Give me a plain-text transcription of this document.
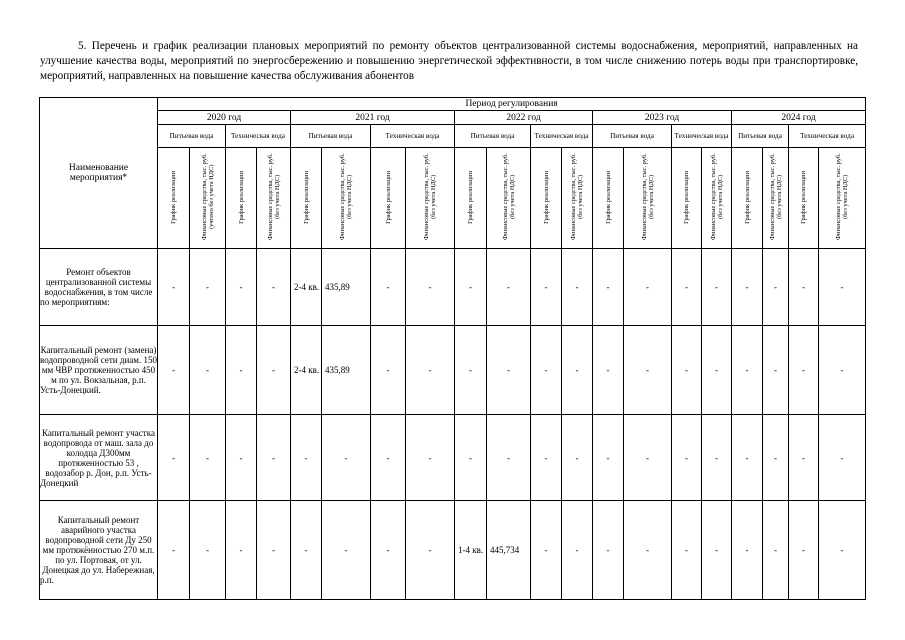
5. Перечень и график реализации плановых мероприятий по ремонту объектов централизованной системы водоснабжения, мероприятий, направленных на улучшение качества воды, мероприятий по энергосбережению и повышению энергетической эффективности, в том числе снижению потерь воды при транспортировке, мероприятий, направленных на повышение качества обслуживания абонентов

Наименование мероприятия*	Период регулирования																			
	2020 год				2021 год				2022 год				2023 год				2024 год			
	Питьевая вода		Техническая вода		Питьевая вода		Техническая вода		Питьевая вода		Техническая вода		Питьевая вода		Техническая вода		Питьевая вода		Техническая вода	
	График реализации	Финансовые средства, тыс. руб. (учтено без учета НДС)	График реализации	Финансовые средства, тыс. руб. (без учета НДС)	График реализации	Финансовые средства, тыс. руб. (без учета НДС)	График реализации	Финансовые средства, тыс. руб. (без учета НДС)	График реализации	Финансовые средства, тыс. руб. (без учета НДС)	График реализации	Финансовые средства, тыс. руб. (без учета НДС)	График реализации	Финансовые средства, тыс. руб. (без учета НДС)	График реализации	Финансовые средства, тыс. руб. (без учета НДС)	График реализации	Финансовые средства, тыс. руб. (без учета НДС)	График реализации	Финансовые средства, тыс. руб. (без учета НДС)
Ремонт объектов централизованной системы водоснабжения, в том числе по мероприятиям:	-	-	-	-	2-4 кв.	435,89	-	-	-	-	-	-	-	-	-	-	-	-	-	-
Капитальный ремонт (замена) водопроводной сети диам. 150 мм ЧВР протяженностью 450 м по ул. Вокзальная, р.п. Усть-Донецкий.	-	-	-	-	2-4 кв.	435,89	-	-	-	-	-	-	-	-	-	-	-	-	-	-
Капитальный ремонт участка водопровода от маш. зала до колодца Д300мм протяженностью 53 , водозабор р. Дон, р.п. Усть-Донецкий	-	-	-	-	-	-	-	-	-	-	-	-	-	-	-	-	-	-	-	-
Капитальный ремонт аварийного участка водопроводной сети Ду 250 мм протяжённостью 270 м.п. по ул. Портовая, от ул. Донецкая до ул. Набережная, р.п.	-	-	-	-	-	-	-	-	1-4 кв.	445,734	-	-	-	-	-	-	-	-	-	-
